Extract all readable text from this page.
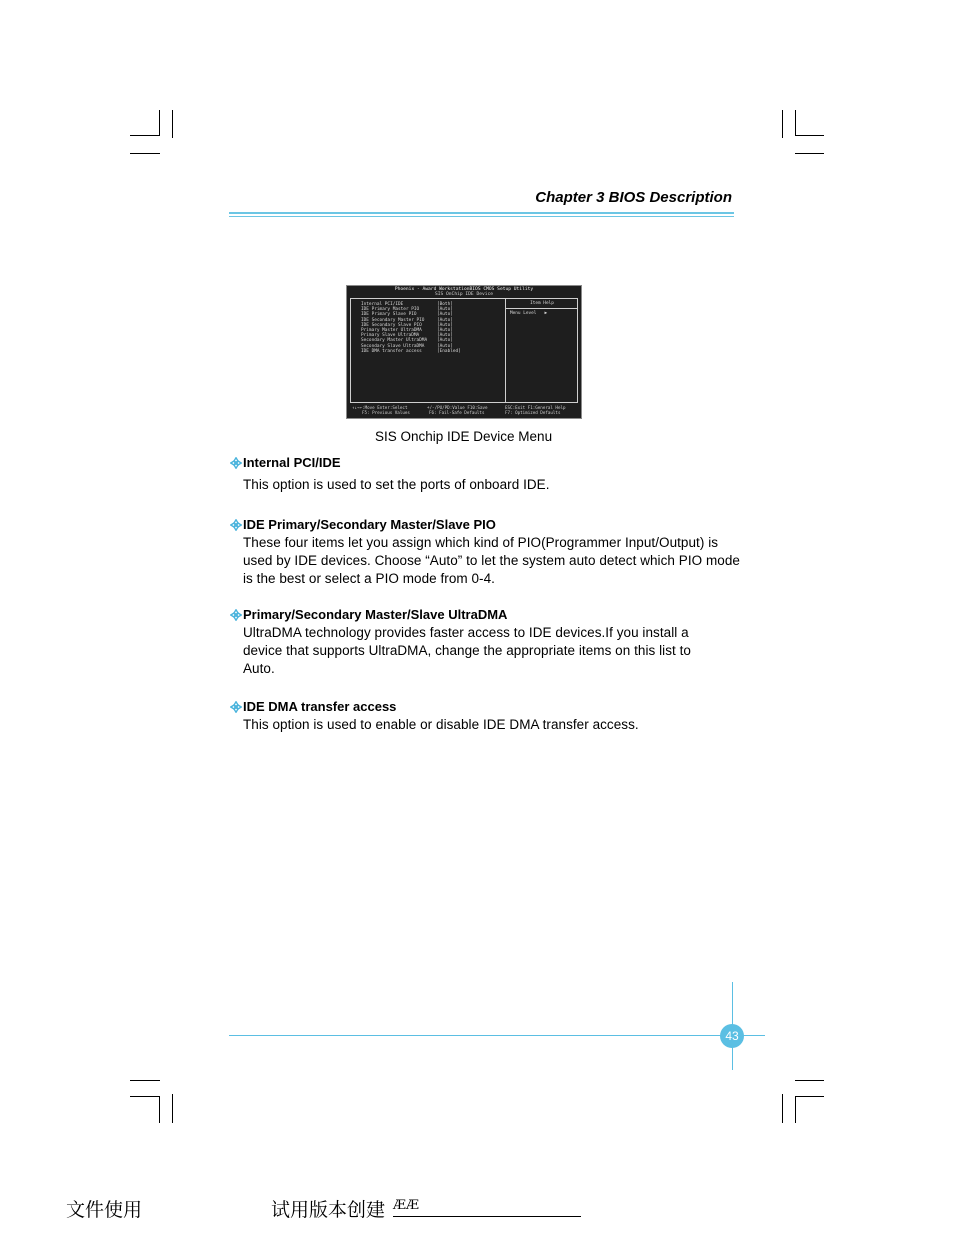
Chapter 3 BIOS Description
Phoenix - Award WorkstationBIOS CMOS Setup Utility
SIS OnChip IDE Device
Internal PCI/IDE	[Both]
IDE Primary Master PIO	[Auto]
IDE Primary Slave PIO	[Auto]
IDE Secondary Master PIO	[Auto]
IDE Secondary Slave PIO	[Auto]
Primary Master UltraDMA	[Auto]
Primary Slave UltraDMA	[Auto]
Secondary Master UltraDMA [Auto]
Secondary Slave UltraDMA	[Auto]
IDE DMA transfer access	[Enabled]
Item Help
Menu Level ▶
↑↓→←:Move Enter:Select	+/-/PU/PD:Value F10:Save	ESC:Exit F1:General Help
F5: Previous Values	F6: Fail-Safe Defaults	F7: Optimized Defaults
SIS Onchip IDE Device Menu
Internal PCI/IDE

This option is used to set the ports of onboard IDE.

IDE Primary/Secondary Master/Slave PIO

These four items let you assign which kind of PIO(Programmer Input/Output) is used by IDE devices. Choose “Auto” to let the system auto detect which PIO mode is the best or select a PIO mode from 0-4.

Primary/Secondary Master/Slave UltraDMA

UltraDMA technology provides faster access to IDE devices.If you install a device that supports UltraDMA, change the appropriate items on this list to Auto.

IDE DMA transfer access

This option is used to enable or disable IDE DMA transfer access.

43
文件使用	试用版本创建 ÆÆ
